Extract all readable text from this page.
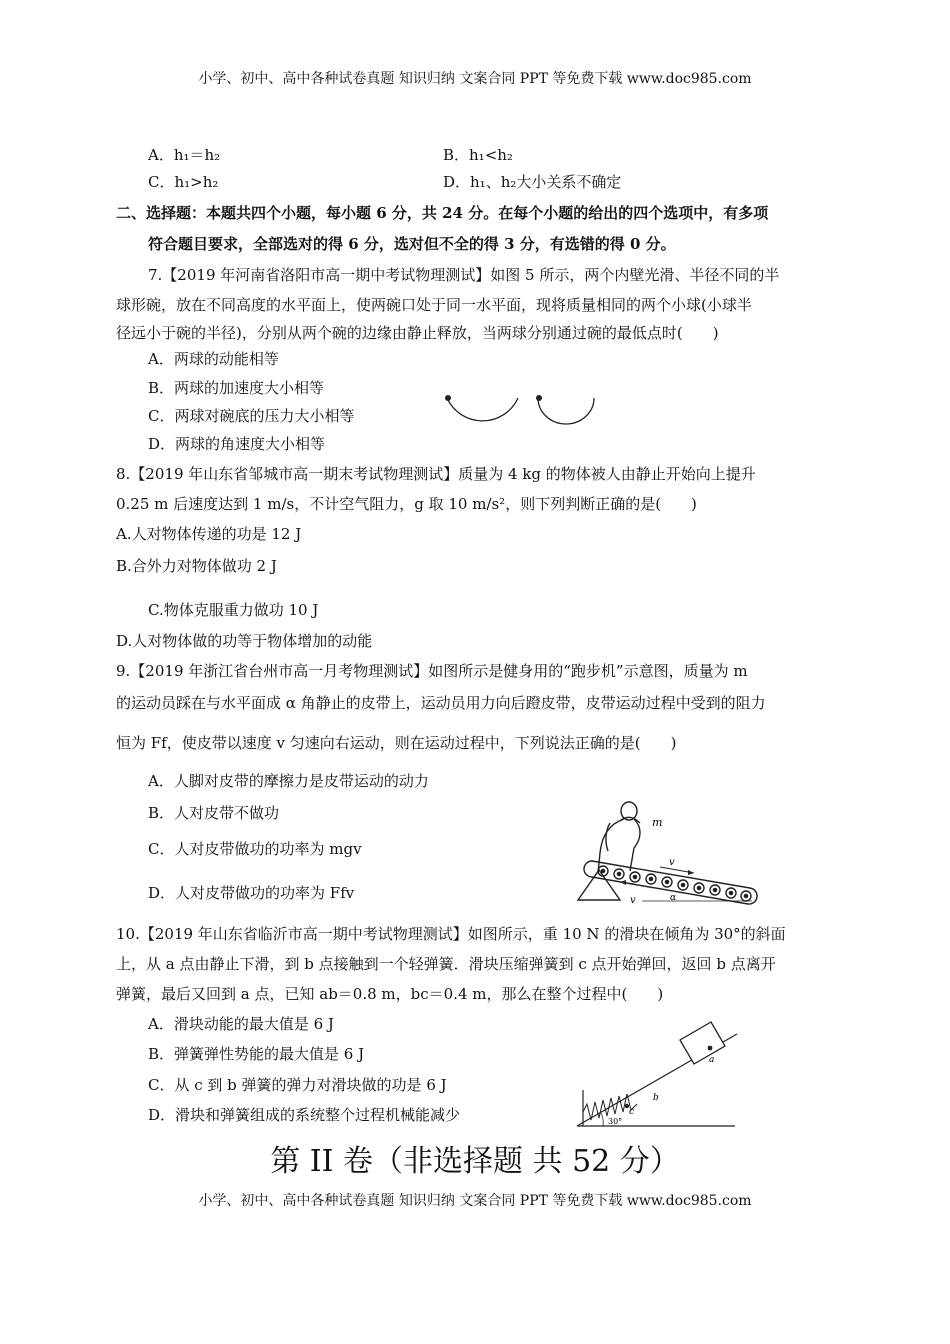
小学、初中、高中各种试卷真题 知识归纳 文案合同 PPT 等免费下载 www.doc985.com
A．h₁＝h₂	B．h₁<h₂
C．h₁>h₂	D．h₁、h₂大小关系不确定
二、选择题：本题共四个小题，每小题 6 分，共 24 分。在每个小题的给出的四个选项中，有多项
符合题目要求，全部选对的得 6 分，选对但不全的得 3 分，有选错的得 0 分。
7.【2019 年河南省洛阳市高一期中考试物理测试】如图 5 所示，两个内壁光滑、半径不同的半
球形碗，放在不同高度的水平面上，使两碗口处于同一水平面，现将质量相同的两个小球(小球半
径远小于碗的半径)，分别从两个碗的边缘由静止释放，当两球分别通过碗的最低点时(　　)
A．两球的动能相等
B．两球的加速度大小相等
C．两球对碗底的压力大小相等
D．两球的角速度大小相等
8.【2019 年山东省邹城市高一期末考试物理测试】质量为 4 kg 的物体被人由静止开始向上提升
0.25 m 后速度达到 1 m/s，不计空气阻力，g 取 10 m/s²，则下列判断正确的是(　　)
A.人对物体传递的功是 12 J
B.合外力对物体做功 2 J
C.物体克服重力做功 10 J
D.人对物体做的功等于物体增加的动能
9.【2019 年浙江省台州市高一月考物理测试】如图所示是健身用的“跑步机”示意图，质量为 m
的运动员踩在与水平面成 α 角静止的皮带上，运动员用力向后蹬皮带，皮带运动过程中受到的阻力
恒为 Ff，使皮带以速度 v 匀速向右运动，则在运动过程中，下列说法正确的是(　　)
A．人脚对皮带的摩擦力是皮带运动的动力
B．人对皮带不做功
C．人对皮带做功的功率为 mgv
D．人对皮带做功的功率为 Ffv
m
v
v	α
10.【2019 年山东省临沂市高一期中考试物理测试】如图所示，重 10 N 的滑块在倾角为 30°的斜面
上，从 a 点由静止下滑，到 b 点接触到一个轻弹簧．滑块压缩弹簧到 c 点开始弹回，返回 b 点离开
弹簧，最后又回到 a 点，已知 ab＝0.8 m，bc＝0.4 m，那么在整个过程中(　　)
A．滑块动能的最大值是 6 J
B．弹簧弹性势能的最大值是 6 J
C．从 c 到 b 弹簧的弹力对滑块做的功是 6 J
D．滑块和弹簧组成的系统整个过程机械能减少
a
b
c
30°
第 II 卷（非选择题 共 52 分）
小学、初中、高中各种试卷真题 知识归纳 文案合同 PPT 等免费下载 www.doc985.com
